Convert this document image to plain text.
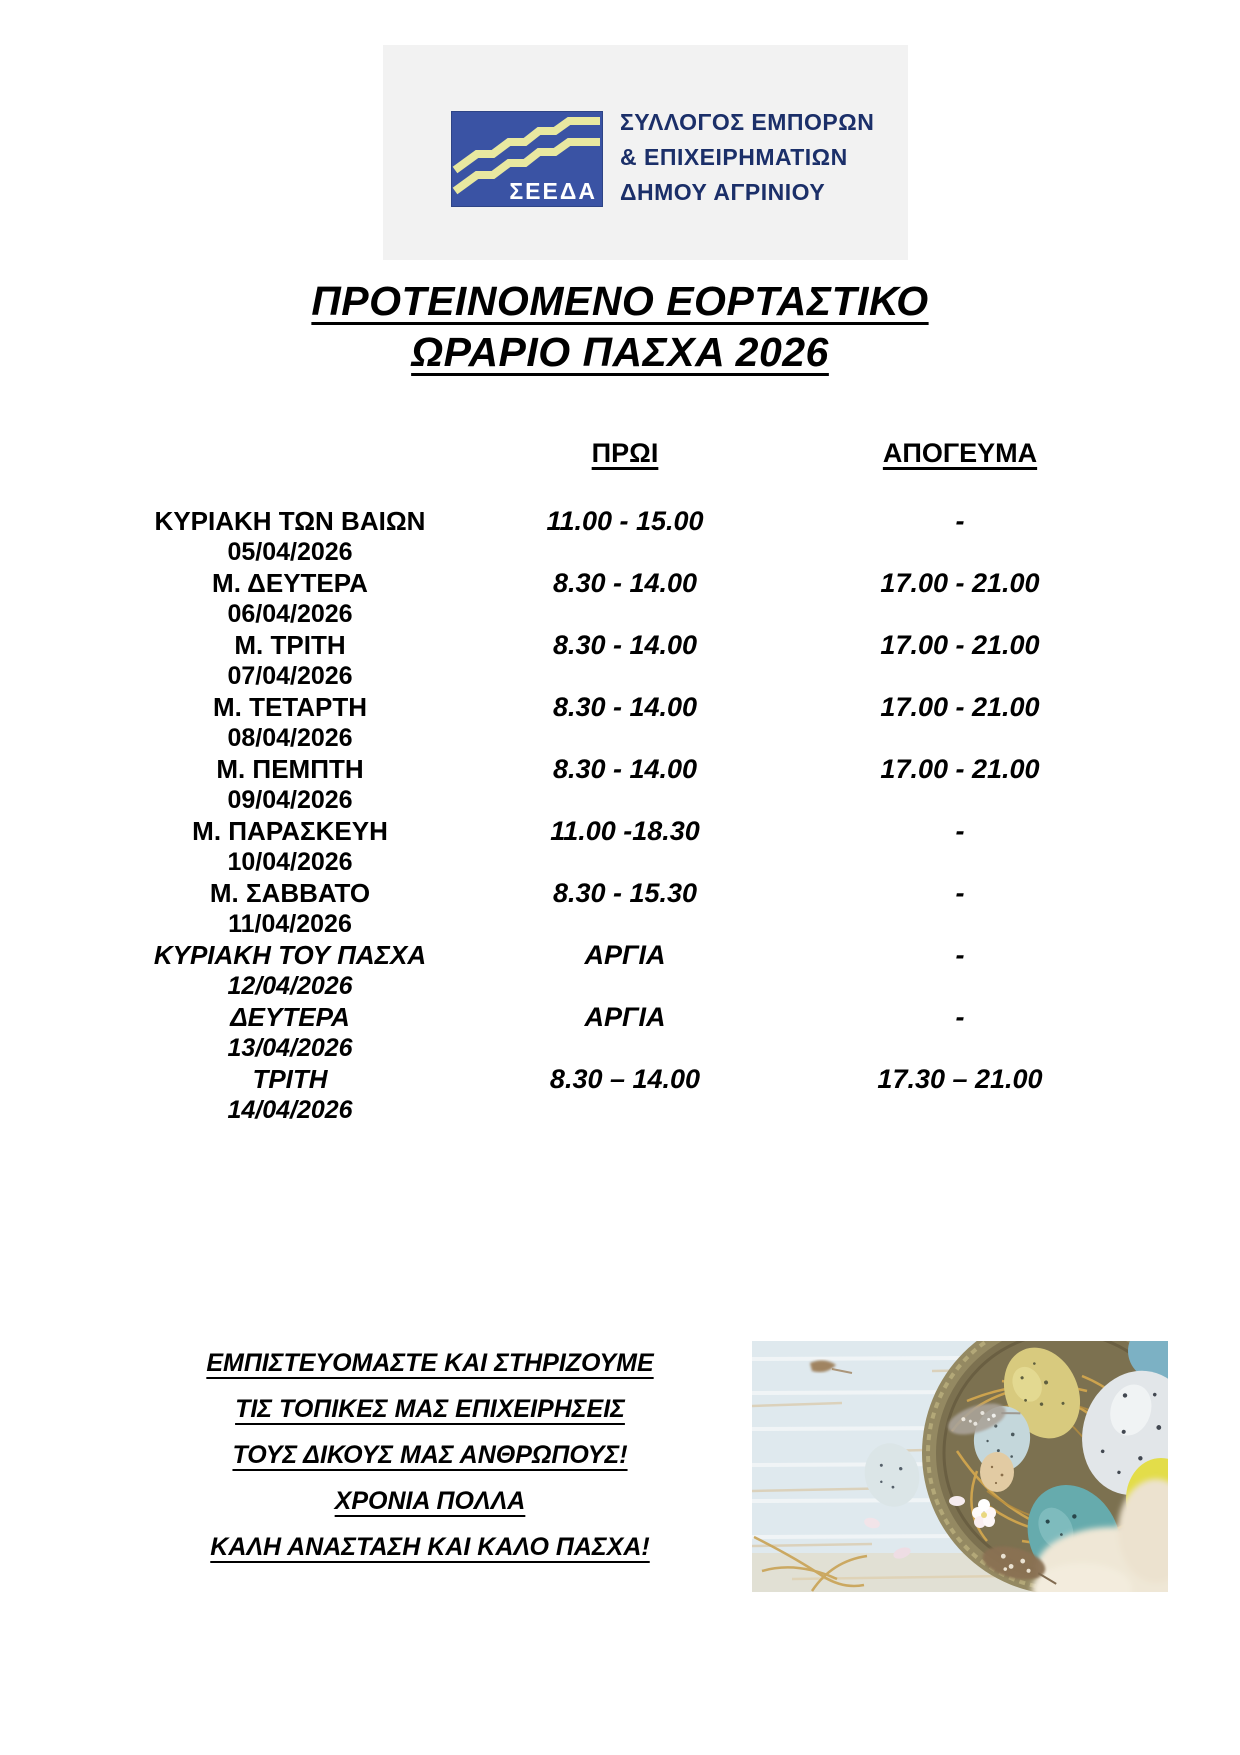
ΣΕΕΔΑ
ΣΥΛΛΟΓΟΣ ΕΜΠΟΡΩΝ
& ΕΠΙΧΕΙΡΗΜΑΤΙΩΝ
ΔΗΜΟΥ ΑΓΡΙΝΙΟΥ
ΠΡΟΤΕΙΝΟΜΕΝΟ ΕΟΡΤΑΣΤΙΚΟ
ΩΡΑΡΙΟ ΠΑΣΧΑ 2026
ΠΡΩΙ	ΑΠΟΓΕΥΜΑ
ΚΥΡΙΑΚΗ ΤΩΝ ΒΑΙΩΝ
05/04/2026
11.00 - 15.00	-
Μ. ΔΕΥΤΕΡΑ
06/04/2026
8.30 - 14.00	17.00 - 21.00
Μ. ΤΡΙΤΗ
07/04/2026
8.30 - 14.00	17.00 - 21.00
Μ. ΤΕΤΑΡΤΗ
08/04/2026
8.30 - 14.00	17.00 - 21.00
Μ. ΠΕΜΠΤΗ
09/04/2026
8.30 - 14.00	17.00 - 21.00
Μ. ΠΑΡΑΣΚΕΥΗ
10/04/2026
11.00 -18.30	-
Μ. ΣΑΒΒΑΤΟ
11/04/2026
8.30 - 15.30	-
ΚΥΡΙΑΚΗ ΤΟΥ ΠΑΣΧΑ
12/04/2026
ΑΡΓΙΑ	-
ΔΕΥΤΕΡΑ
13/04/2026
ΑΡΓΙΑ	-
ΤΡΙΤΗ
14/04/2026
8.30 – 14.00	17.30 – 21.00
ΕΜΠΙΣΤΕΥΟΜΑΣΤΕ ΚΑΙ ΣΤΗΡΙΖΟΥΜΕ
ΤΙΣ ΤΟΠΙΚΕΣ ΜΑΣ ΕΠΙΧΕΙΡΗΣΕΙΣ
ΤΟΥΣ ΔΙΚΟΥΣ ΜΑΣ ΑΝΘΡΩΠΟΥΣ!
ΧΡΟΝΙΑ ΠΟΛΛΑ
ΚΑΛΗ ΑΝΑΣΤΑΣΗ ΚΑΙ ΚΑΛΟ ΠΑΣΧΑ!
